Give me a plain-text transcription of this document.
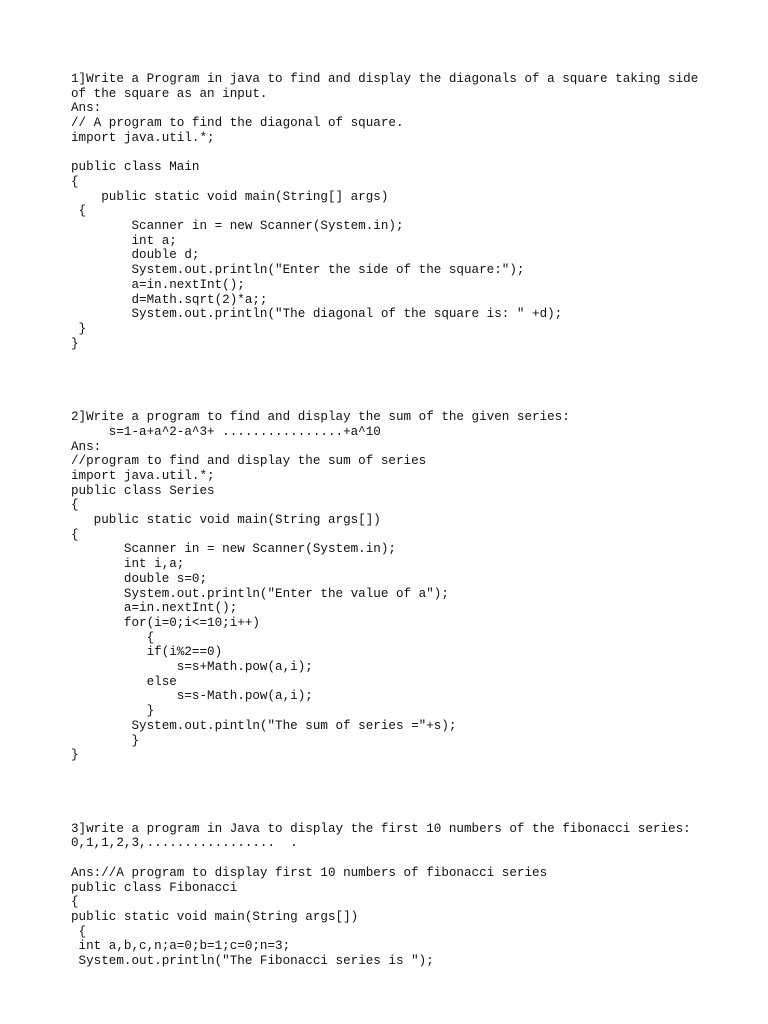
1]Write a Program in java to find and display the diagonals of a square taking side
of the square as an input.
Ans:
// A program to find the diagonal of square.
import java.util.*;
public class Main
{
public static void main(String[] args)
{
Scanner in = new Scanner(System.in);
int a;
double d;
System.out.println("Enter the side of the square:");
a=in.nextInt();
d=Math.sqrt(2)*a;;
System.out.println("The diagonal of the square is: " +d);
}
}
2]Write a program to find and display the sum of the given series:
s=1-a+a^2-a^3+ ................+a^10
Ans:
//program to find and display the sum of series
import java.util.*;
public class Series
{
public static void main(String args[])
{
Scanner in = new Scanner(System.in);
int i,a;
double s=0;
System.out.println("Enter the value of a");
a=in.nextInt();
for(i=0;i<=10;i++)
{
if(i%2==0)
s=s+Math.pow(a,i);
else
s=s-Math.pow(a,i);
}
System.out.pintln("The sum of series ="+s);
}
}
3]write a program in Java to display the first 10 numbers of the fibonacci series:
0,1,1,2,3,.................  .
Ans://A program to display first 10 numbers of fibonacci series
public class Fibonacci
{
public static void main(String args[])
{
int a,b,c,n;a=0;b=1;c=0;n=3;
System.out.println("The Fibonacci series is ");
